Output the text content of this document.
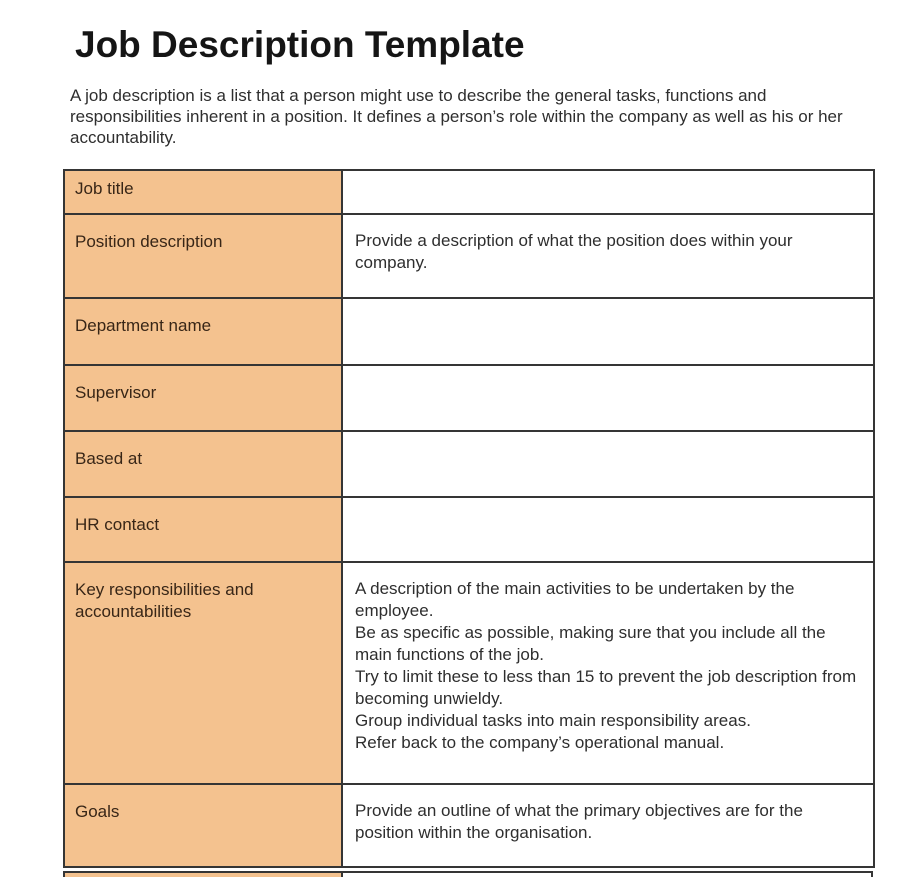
Job Description Template

A job description is a list that a person might use to describe the general tasks, functions and responsibilities inherent in a position. It defines a person’s role within the company as well as his or her accountability.

Job title	
Position description	Provide a description of what the position does within your company.

Department name	
Supervisor	
Based at	
HR contact	
Key responsibilities and accountabilities	A description of the main activities to be undertaken by the employee.
Be as specific as possible, making sure that you include all the main functions of the job.
Try to limit these to less than 15 to prevent the job description from becoming unwieldy.
Group individual tasks into main responsibility areas.
Refer back to the company’s operational manual.

Goals	Provide an outline of what the primary objectives are for the position within the organisation.
